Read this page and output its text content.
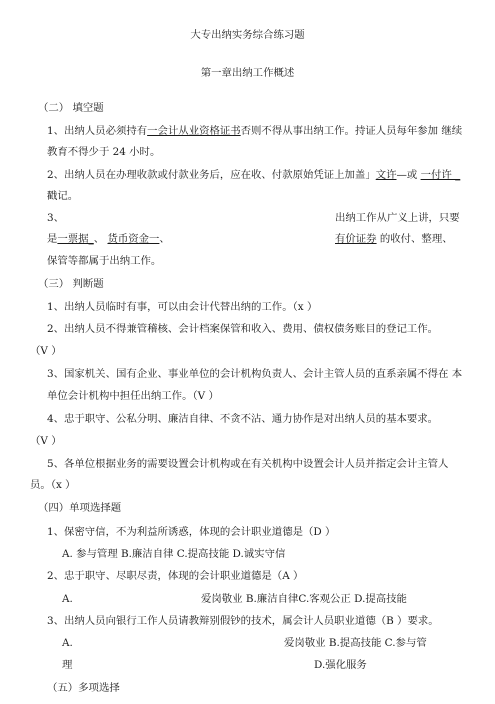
大专出纳实务综合练习题
第一章出纳工作概述
（二） 填空题
1、出纳人员必须持有一会计从业资格证书否则不得从事出纳工作。持证人员每年参加 继续
教育不得少于 24 小时。
2、出纳人员在办理收款或付款业务后，应在收、付款原始凭证上加盖」文许—或 一付许 _
戳记。
3、	出纳工作从广义上讲，只要
是一票据_、 货币资金一、	有价证券 的收付、整理、
保管等都属于出纳工作。
（三） 判断题
1、出纳人员临时有事，可以由会计代替出纳的工作。（x ）
2、出纳人员不得兼管稽核、会计档案保管和收入、费用、债权债务账目的登记工作。
（V ）
3、国家机关、国有企业、事业单位的会计机构负责人、会计主管人员的直系亲属不得在 本
单位会计机构中担任出纳工作。（V ）
4、忠于职守、公私分明、廉洁自律、不贪不沾、通力协作是对出纳人员的基本要求。
（V ）
5、各单位根据业务的需要设置会计机构或在有关机构中设置会计人员并指定会计主管人
员。（x ）
（四）单项选择题
1、保密守信，不为利益所诱惑，体现的会计职业道德是（D ）
A. 参与管理 B.廉洁自律 C.提高技能 D.诚实守信
2、忠于职守、尽职尽责，体现的会计职业道德是（A ）
A.	爱岗敬业 B.廉洁自律C.客观公正 D.提高技能
3、出纳人员向银行工作人员请教辩别假钞的技术，属会计人员职业道德（B ）要求。
A.	爱岗敬业 B.提高技能 C.参与管
理	D.强化服务
（五）多项选择
